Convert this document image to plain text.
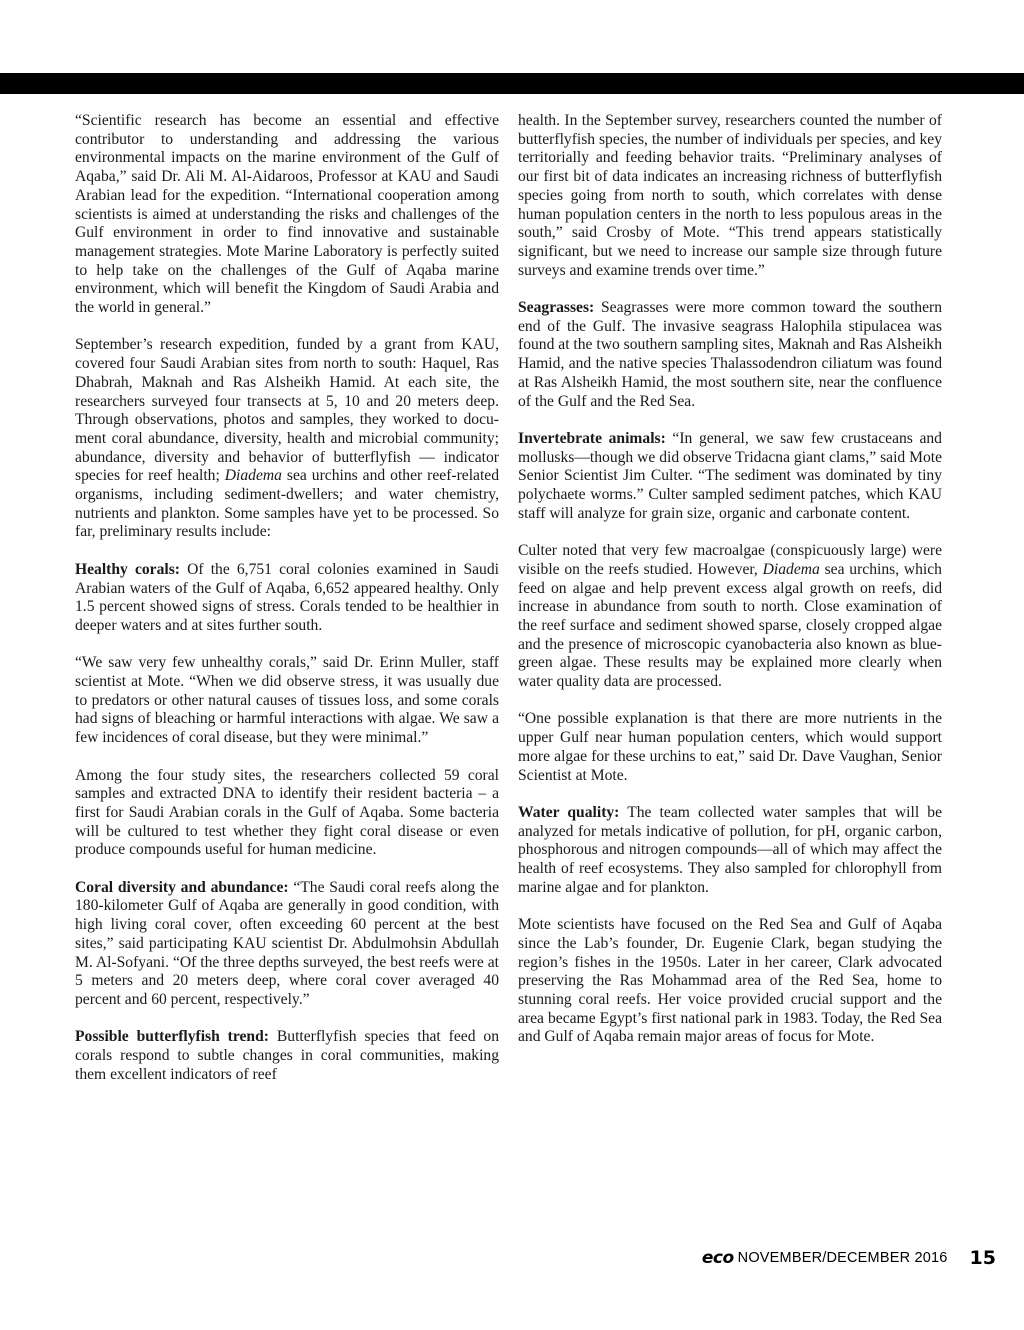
“Scientific research has become an essential and effective contributor to understanding and addressing the various environmental impacts on the marine environment of the Gulf of Aqaba,” said Dr. Ali M. Al-Aidaroos, Professor at KAU and Saudi Arabian lead for the expedition. “International cooperation among scientists is aimed at understanding the risks and challenges of the Gulf environment in order to find innovative and sustainable management strategies. Mote Marine Laboratory is perfectly suited to help take on the challenges of the Gulf of Aqaba marine environment, which will benefit the Kingdom of Saudi Arabia and the world in general.”

September’s research expedition, funded by a grant from KAU, covered four Saudi Arabian sites from north to south: Haquel, Ras Dhabrah, Maknah and Ras Alsheikh Hamid. At each site, the researchers surveyed four transects at 5, 10 and 20 meters deep. Through observations, photos and samples, they worked to document coral abundance, diversity, health and microbial community; abundance, diversity and behavior of butterflyfish — indicator species for reef health; Diadema sea urchins and other reef-related organisms, including sediment-dwellers; and water chemistry, nutrients and plankton. Some samples have yet to be processed. So far, preliminary results include:

Healthy corals: Of the 6,751 coral colonies examined in Saudi Arabian waters of the Gulf of Aqaba, 6,652 appeared healthy. Only 1.5 percent showed signs of stress. Corals tended to be healthier in deeper waters and at sites further south.

“We saw very few unhealthy corals,” said Dr. Erinn Muller, staff scientist at Mote. “When we did observe stress, it was usually due to predators or other natural causes of tissues loss, and some corals had signs of bleaching or harmful interactions with algae. We saw a few incidences of coral disease, but they were minimal.”

Among the four study sites, the researchers collected 59 coral samples and extracted DNA to identify their resident bacteria – a first for Saudi Arabian corals in the Gulf of Aqaba. Some bacteria will be cultured to test whether they fight coral disease or even produce compounds useful for human medicine.

Coral diversity and abundance: “The Saudi coral reefs along the 180-kilometer Gulf of Aqaba are generally in good condition, with high living coral cover, often exceeding 60 percent at the best sites,” said participating KAU scientist Dr. Abdulmohsin Abdullah M. Al-Sofyani. “Of the three depths surveyed, the best reefs were at 5 meters and 20 meters deep, where coral cover averaged 40 percent and 60 percent, respectively.”

Possible butterflyfish trend: Butterflyfish species that feed on corals respond to subtle changes in coral communities, making them excellent indicators of reef

health. In the September survey, researchers counted the number of butterflyfish species, the number of individuals per species, and key territorially and feeding behavior traits. “Preliminary analyses of our first bit of data indicates an increasing richness of butterflyfish species going from north to south, which correlates with dense human population centers in the north to less populous areas in the south,” said Crosby of Mote. “This trend appears statistically significant, but we need to increase our sample size through future surveys and examine trends over time.”

Seagrasses: Seagrasses were more common toward the southern end of the Gulf. The invasive seagrass Halophila stipulacea was found at the two southern sampling sites, Maknah and Ras Alsheikh Hamid, and the native species Thalassodendron ciliatum was found at Ras Alsheikh Hamid, the most southern site, near the confluence of the Gulf and the Red Sea.

Invertebrate animals: “In general, we saw few crustaceans and mollusks—though we did observe Tridacna giant clams,” said Mote Senior Scientist Jim Culter. “The sediment was dominated by tiny polychaete worms.” Culter sampled sediment patches, which KAU staff will analyze for grain size, organic and carbonate content.

Culter noted that very few macroalgae (conspicuously large) were visible on the reefs studied. However, Diadema sea urchins, which feed on algae and help prevent excess algal growth on reefs, did increase in abundance from south to north. Close examination of the reef surface and sediment showed sparse, closely cropped algae and the presence of microscopic cyanobacteria also known as blue-green algae. These results may be explained more clearly when water quality data are processed.

“One possible explanation is that there are more nutrients in the upper Gulf near human population centers, which would support more algae for these urchins to eat,” said Dr. Dave Vaughan, Senior Scientist at Mote.

Water quality: The team collected water samples that will be analyzed for metals indicative of pollution, for pH, organic carbon, phosphorous and nitrogen compounds—all of which may affect the health of reef ecosystems. They also sampled for chlorophyll from marine algae and for plankton.

Mote scientists have focused on the Red Sea and Gulf of Aqaba since the Lab’s founder, Dr. Eugenie Clark, began studying the region’s fishes in the 1950s. Later in her career, Clark advocated preserving the Ras Mohammad area of the Red Sea, home to stunning coral reefs. Her voice provided crucial support and the area became Egypt’s first national park in 1983. Today, the Red Sea and Gulf of Aqaba remain major areas of focus for Mote.

eco NOVEMBER/DECEMBER 2016 15
